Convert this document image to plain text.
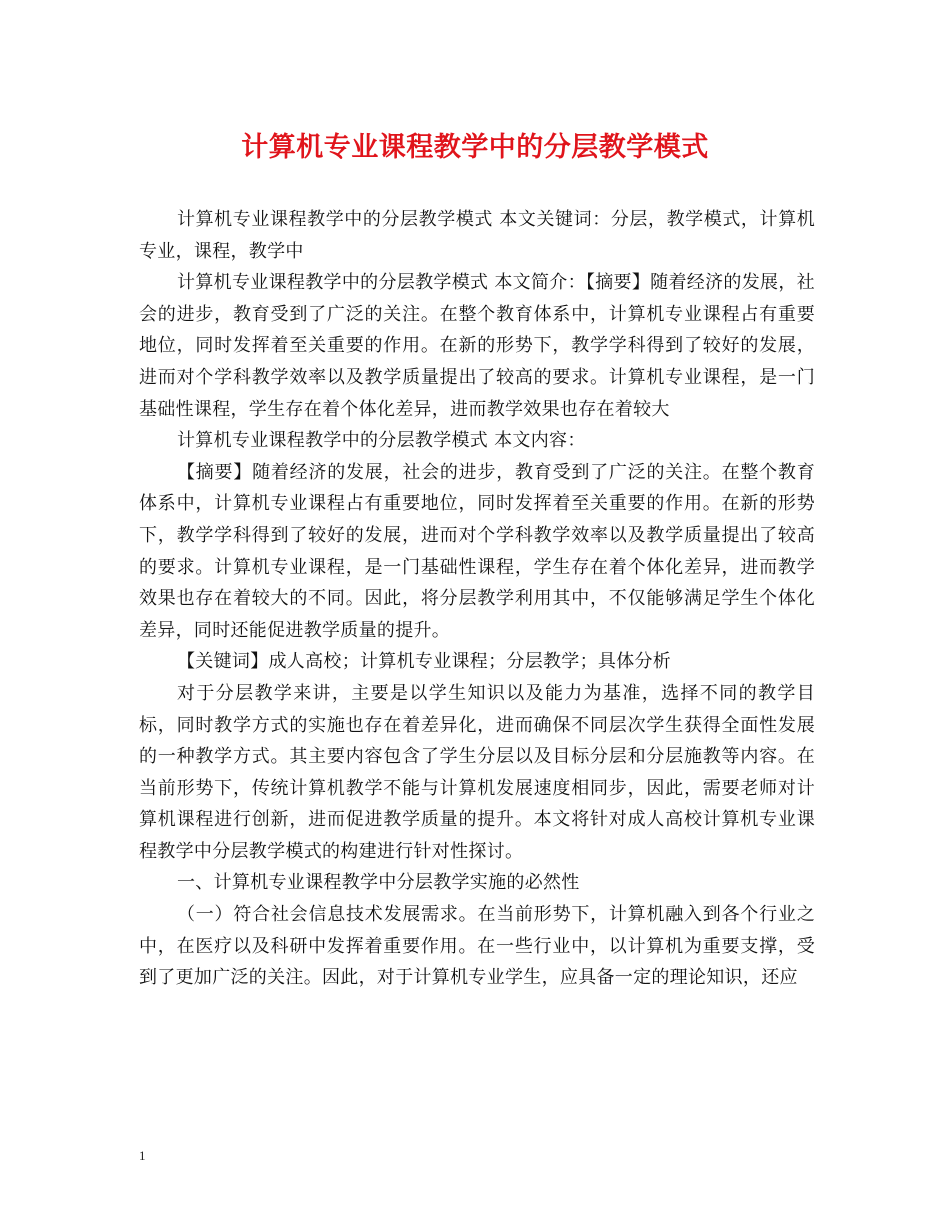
计算机专业课程教学中的分层教学模式

计算机专业课程教学中的分层教学模式 本文关键词：分层，教学模式，计算机专业，课程，教学中

计算机专业课程教学中的分层教学模式 本文简介：【摘要】随着经济的发展，社会的进步，教育受到了广泛的关注。在整个教育体系中，计算机专业课程占有重要地位，同时发挥着至关重要的作用。在新的形势下，教学学科得到了较好的发展，进而对个学科教学效率以及教学质量提出了较高的要求。计算机专业课程，是一门基础性课程，学生存在着个体化差异，进而教学效果也存在着较大

计算机专业课程教学中的分层教学模式 本文内容：

【摘要】随着经济的发展，社会的进步，教育受到了广泛的关注。在整个教育体系中，计算机专业课程占有重要地位，同时发挥着至关重要的作用。在新的形势下，教学学科得到了较好的发展，进而对个学科教学效率以及教学质量提出了较高的要求。计算机专业课程，是一门基础性课程，学生存在着个体化差异，进而教学效果也存在着较大的不同。因此，将分层教学利用其中，不仅能够满足学生个体化差异，同时还能促进教学质量的提升。

【关键词】成人高校；计算机专业课程；分层教学；具体分析

对于分层教学来讲，主要是以学生知识以及能力为基准，选择不同的教学目标，同时教学方式的实施也存在着差异化，进而确保不同层次学生获得全面性发展的一种教学方式。其主要内容包含了学生分层以及目标分层和分层施教等内容。在当前形势下，传统计算机教学不能与计算机发展速度相同步，因此，需要老师对计算机课程进行创新，进而促进教学质量的提升。本文将针对成人高校计算机专业课程教学中分层教学模式的构建进行针对性探讨。

一、计算机专业课程教学中分层教学实施的必然性

（一）符合社会信息技术发展需求。在当前形势下，计算机融入到各个行业之中，在医疗以及科研中发挥着重要作用。在一些行业中，以计算机为重要支撑，受到了更加广泛的关注。因此，对于计算机专业学生，应具备一定的理论知识，还应

1
